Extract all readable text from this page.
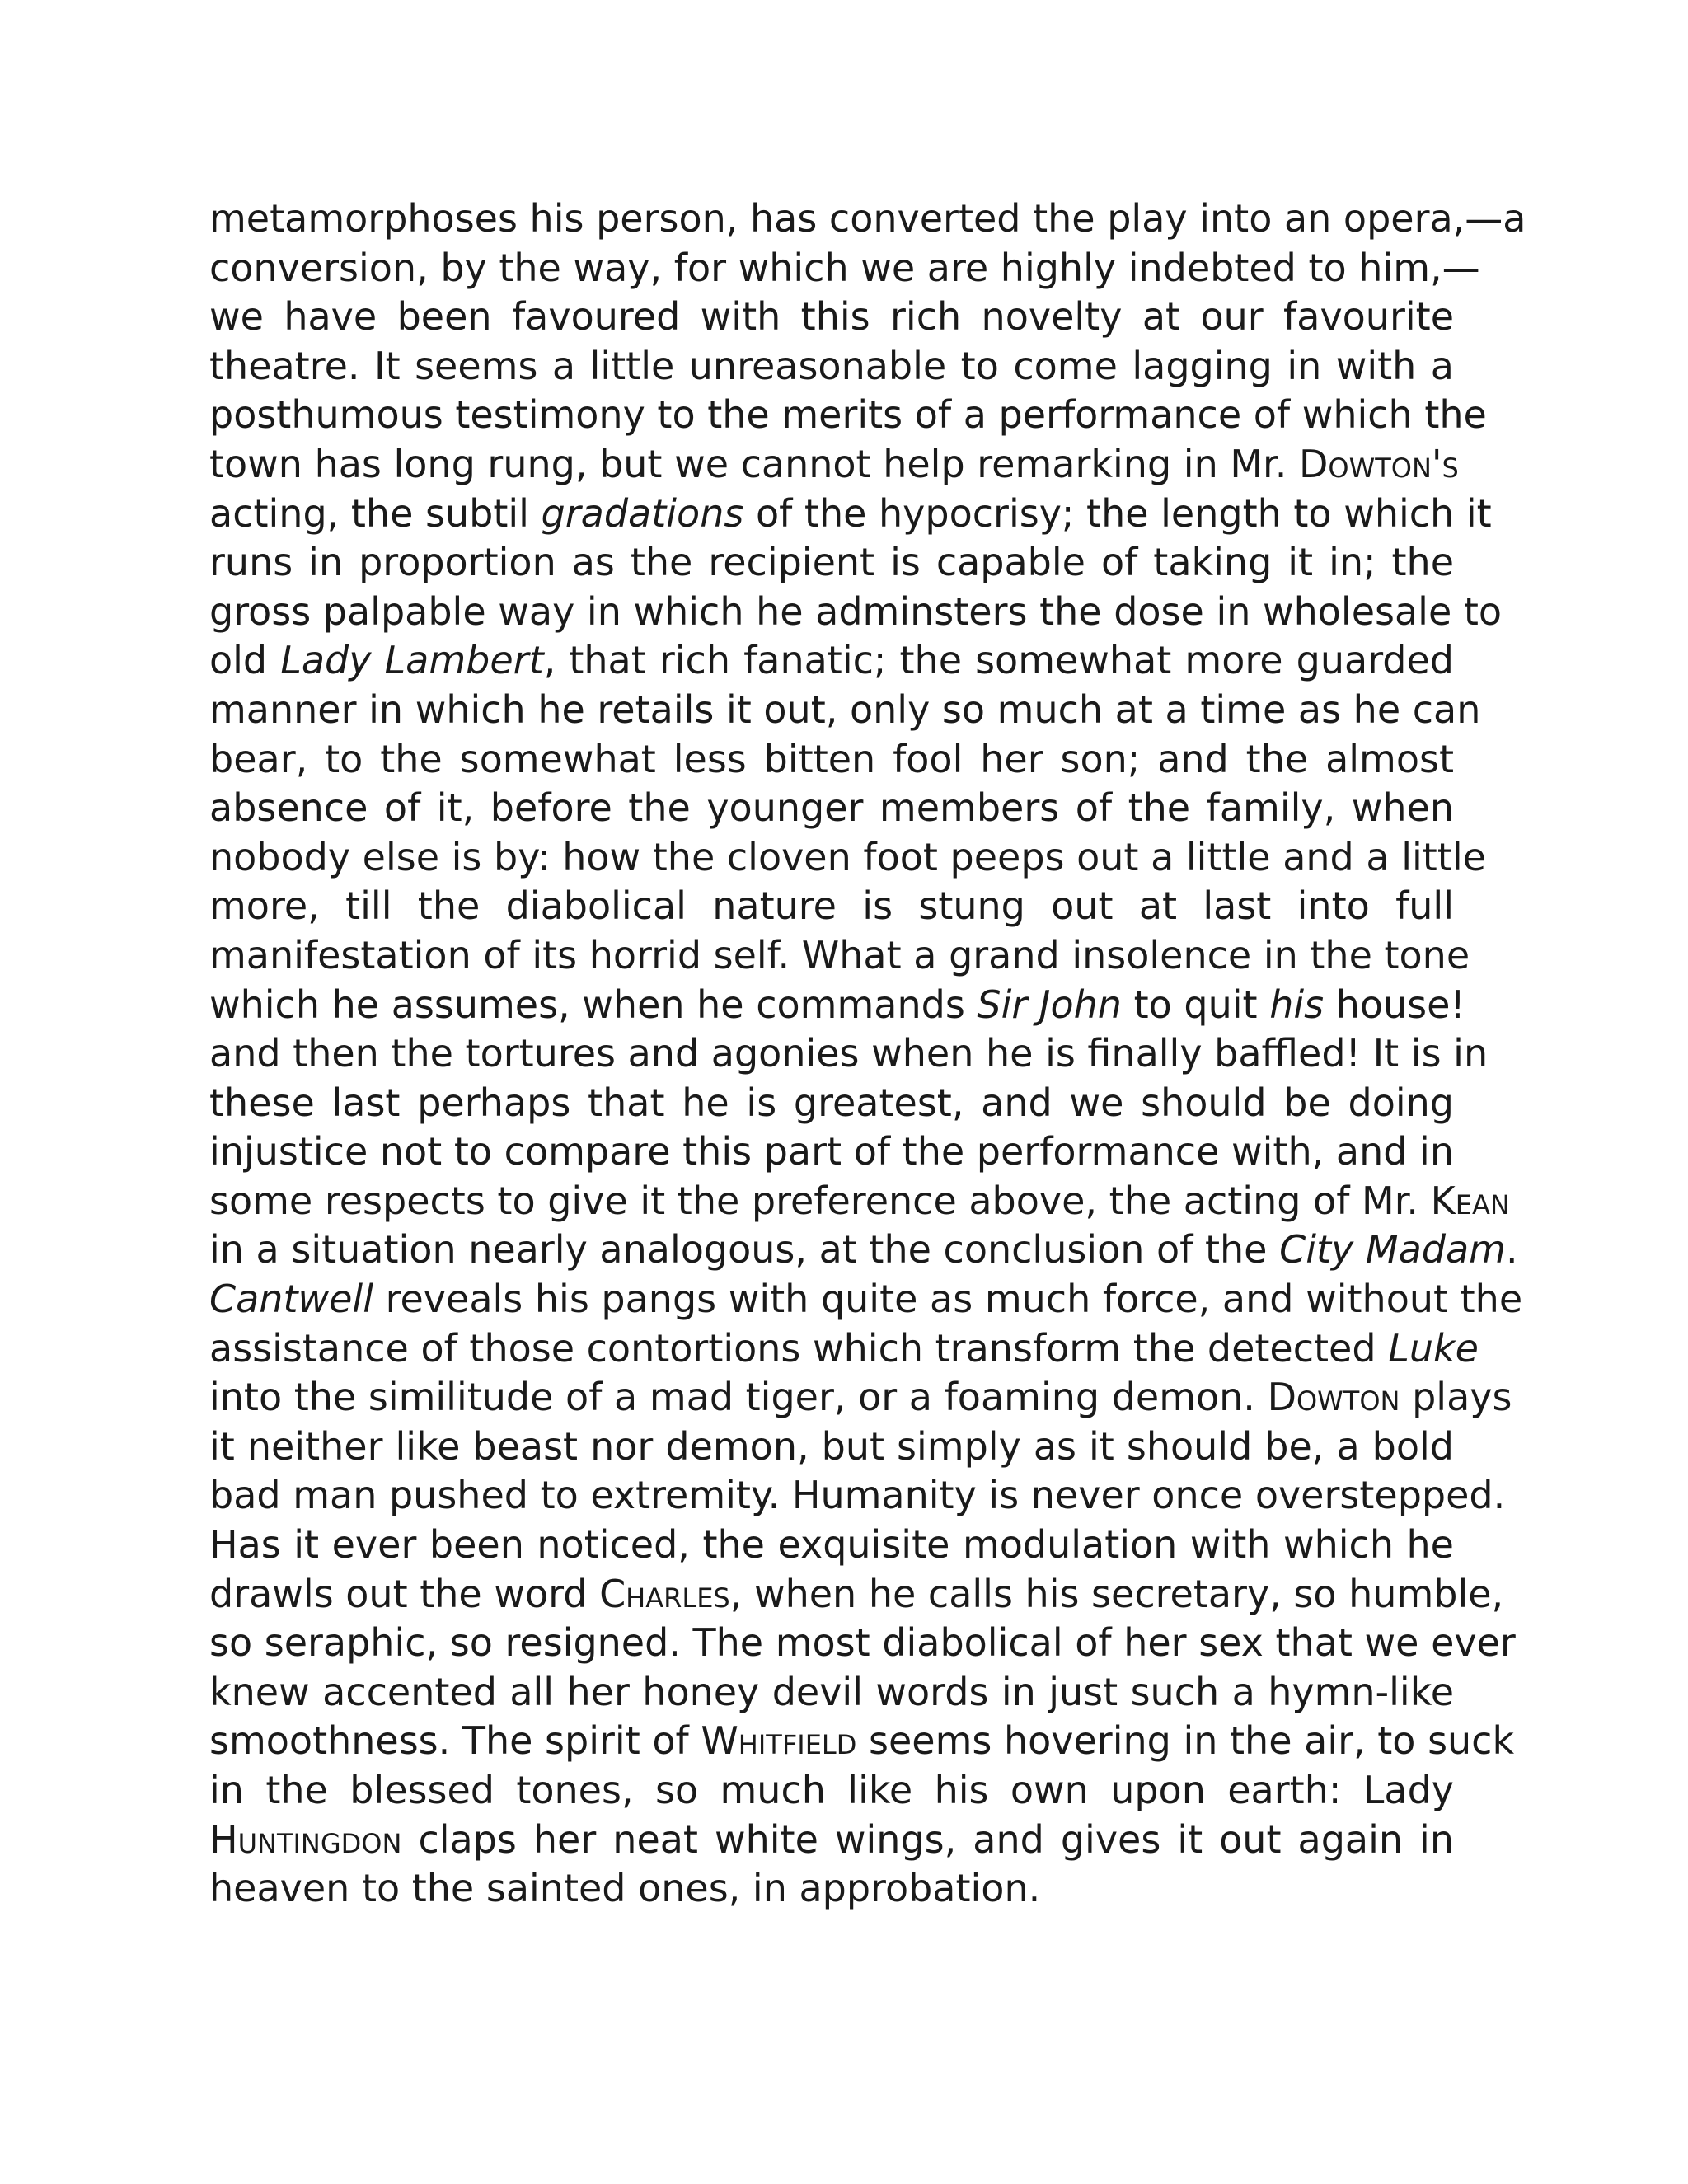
metamorphoses his person, has converted the play into an opera,—a
conversion, by the way, for which we are highly indebted to him,—
we have been favoured with this rich novelty at our favourite
theatre. It seems a little unreasonable to come lagging in with a
posthumous testimony to the merits of a performance of which the
town has long rung, but we cannot help remarking in Mr. Dowton's
acting, the subtil gradations of the hypocrisy; the length to which it
runs in proportion as the recipient is capable of taking it in; the
gross palpable way in which he adminsters the dose in wholesale to
old Lady Lambert, that rich fanatic; the somewhat more guarded
manner in which he retails it out, only so much at a time as he can
bear, to the somewhat less bitten fool her son; and the almost
absence of it, before the younger members of the family, when
nobody else is by: how the cloven foot peeps out a little and a little
more, till the diabolical nature is stung out at last into full
manifestation of its horrid self. What a grand insolence in the tone
which he assumes, when he commands Sir John to quit his house!
and then the tortures and agonies when he is finally baffled! It is in
these last perhaps that he is greatest, and we should be doing
injustice not to compare this part of the performance with, and in
some respects to give it the preference above, the acting of Mr. Kean
in a situation nearly analogous, at the conclusion of the City Madam.
Cantwell reveals his pangs with quite as much force, and without the
assistance of those contortions which transform the detected Luke
into the similitude of a mad tiger, or a foaming demon. Dowton plays
it neither like beast nor demon, but simply as it should be, a bold
bad man pushed to extremity. Humanity is never once overstepped.
Has it ever been noticed, the exquisite modulation with which he
drawls out the word Charles, when he calls his secretary, so humble,
so seraphic, so resigned. The most diabolical of her sex that we ever
knew accented all her honey devil words in just such a hymn-like
smoothness. The spirit of Whitfield seems hovering in the air, to suck
in the blessed tones, so much like his own upon earth: Lady
Huntingdon claps her neat white wings, and gives it out again in
heaven to the sainted ones, in approbation.
